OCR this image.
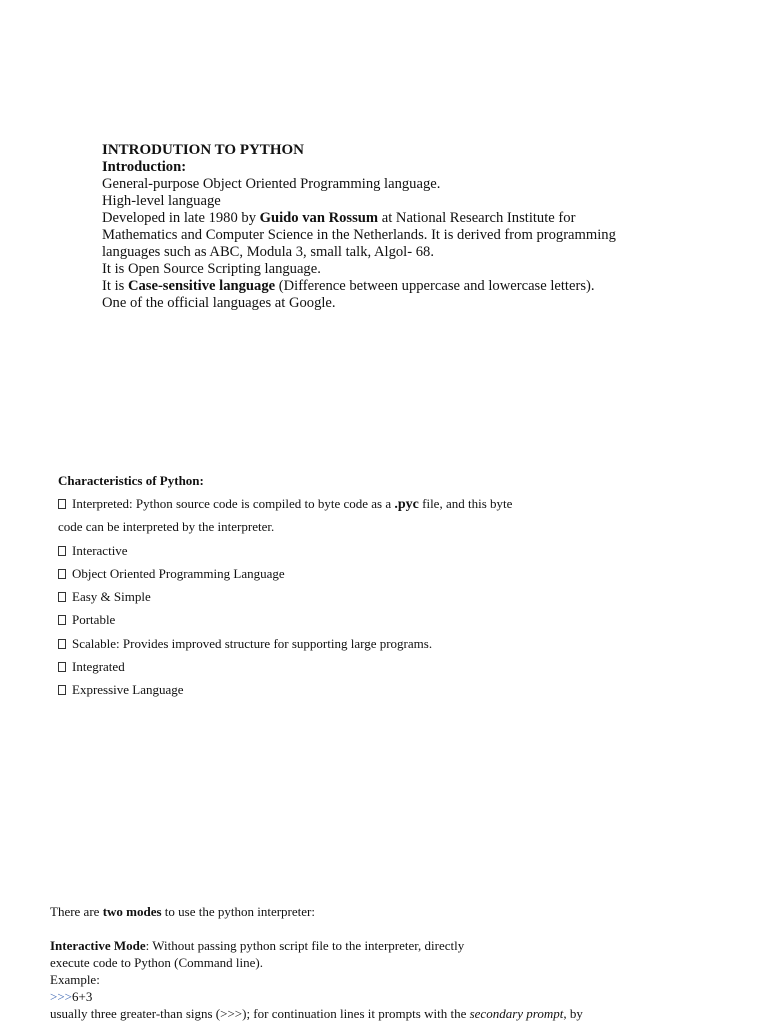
INTRODUTION TO PYTHON
Introduction:
General-purpose Object Oriented Programming language.
High-level language
Developed in late 1980 by Guido van Rossum at National Research Institute for
Mathematics and Computer Science in the Netherlands. It is derived from programming
languages such as ABC, Modula 3, small talk, Algol- 68.
It is Open Source Scripting language.
It is Case-sensitive language (Difference between uppercase and lowercase letters).
One of the official languages at Google.
Characteristics of Python:
Interpreted: Python source code is compiled to byte code as a .pyc file, and this byte
code can be interpreted by the interpreter.
Interactive
Object Oriented Programming Language
Easy & Simple
Portable
Scalable: Provides improved structure for supporting large programs.
Integrated
Expressive Language
There are two modes to use the python interpreter:
Interactive Mode: Without passing python script file to the interpreter, directly
execute code to Python (Command line).
Example:
>>>6+3
usually three greater-than signs (>>>); for continuation lines it prompts with the secondary prompt, by
